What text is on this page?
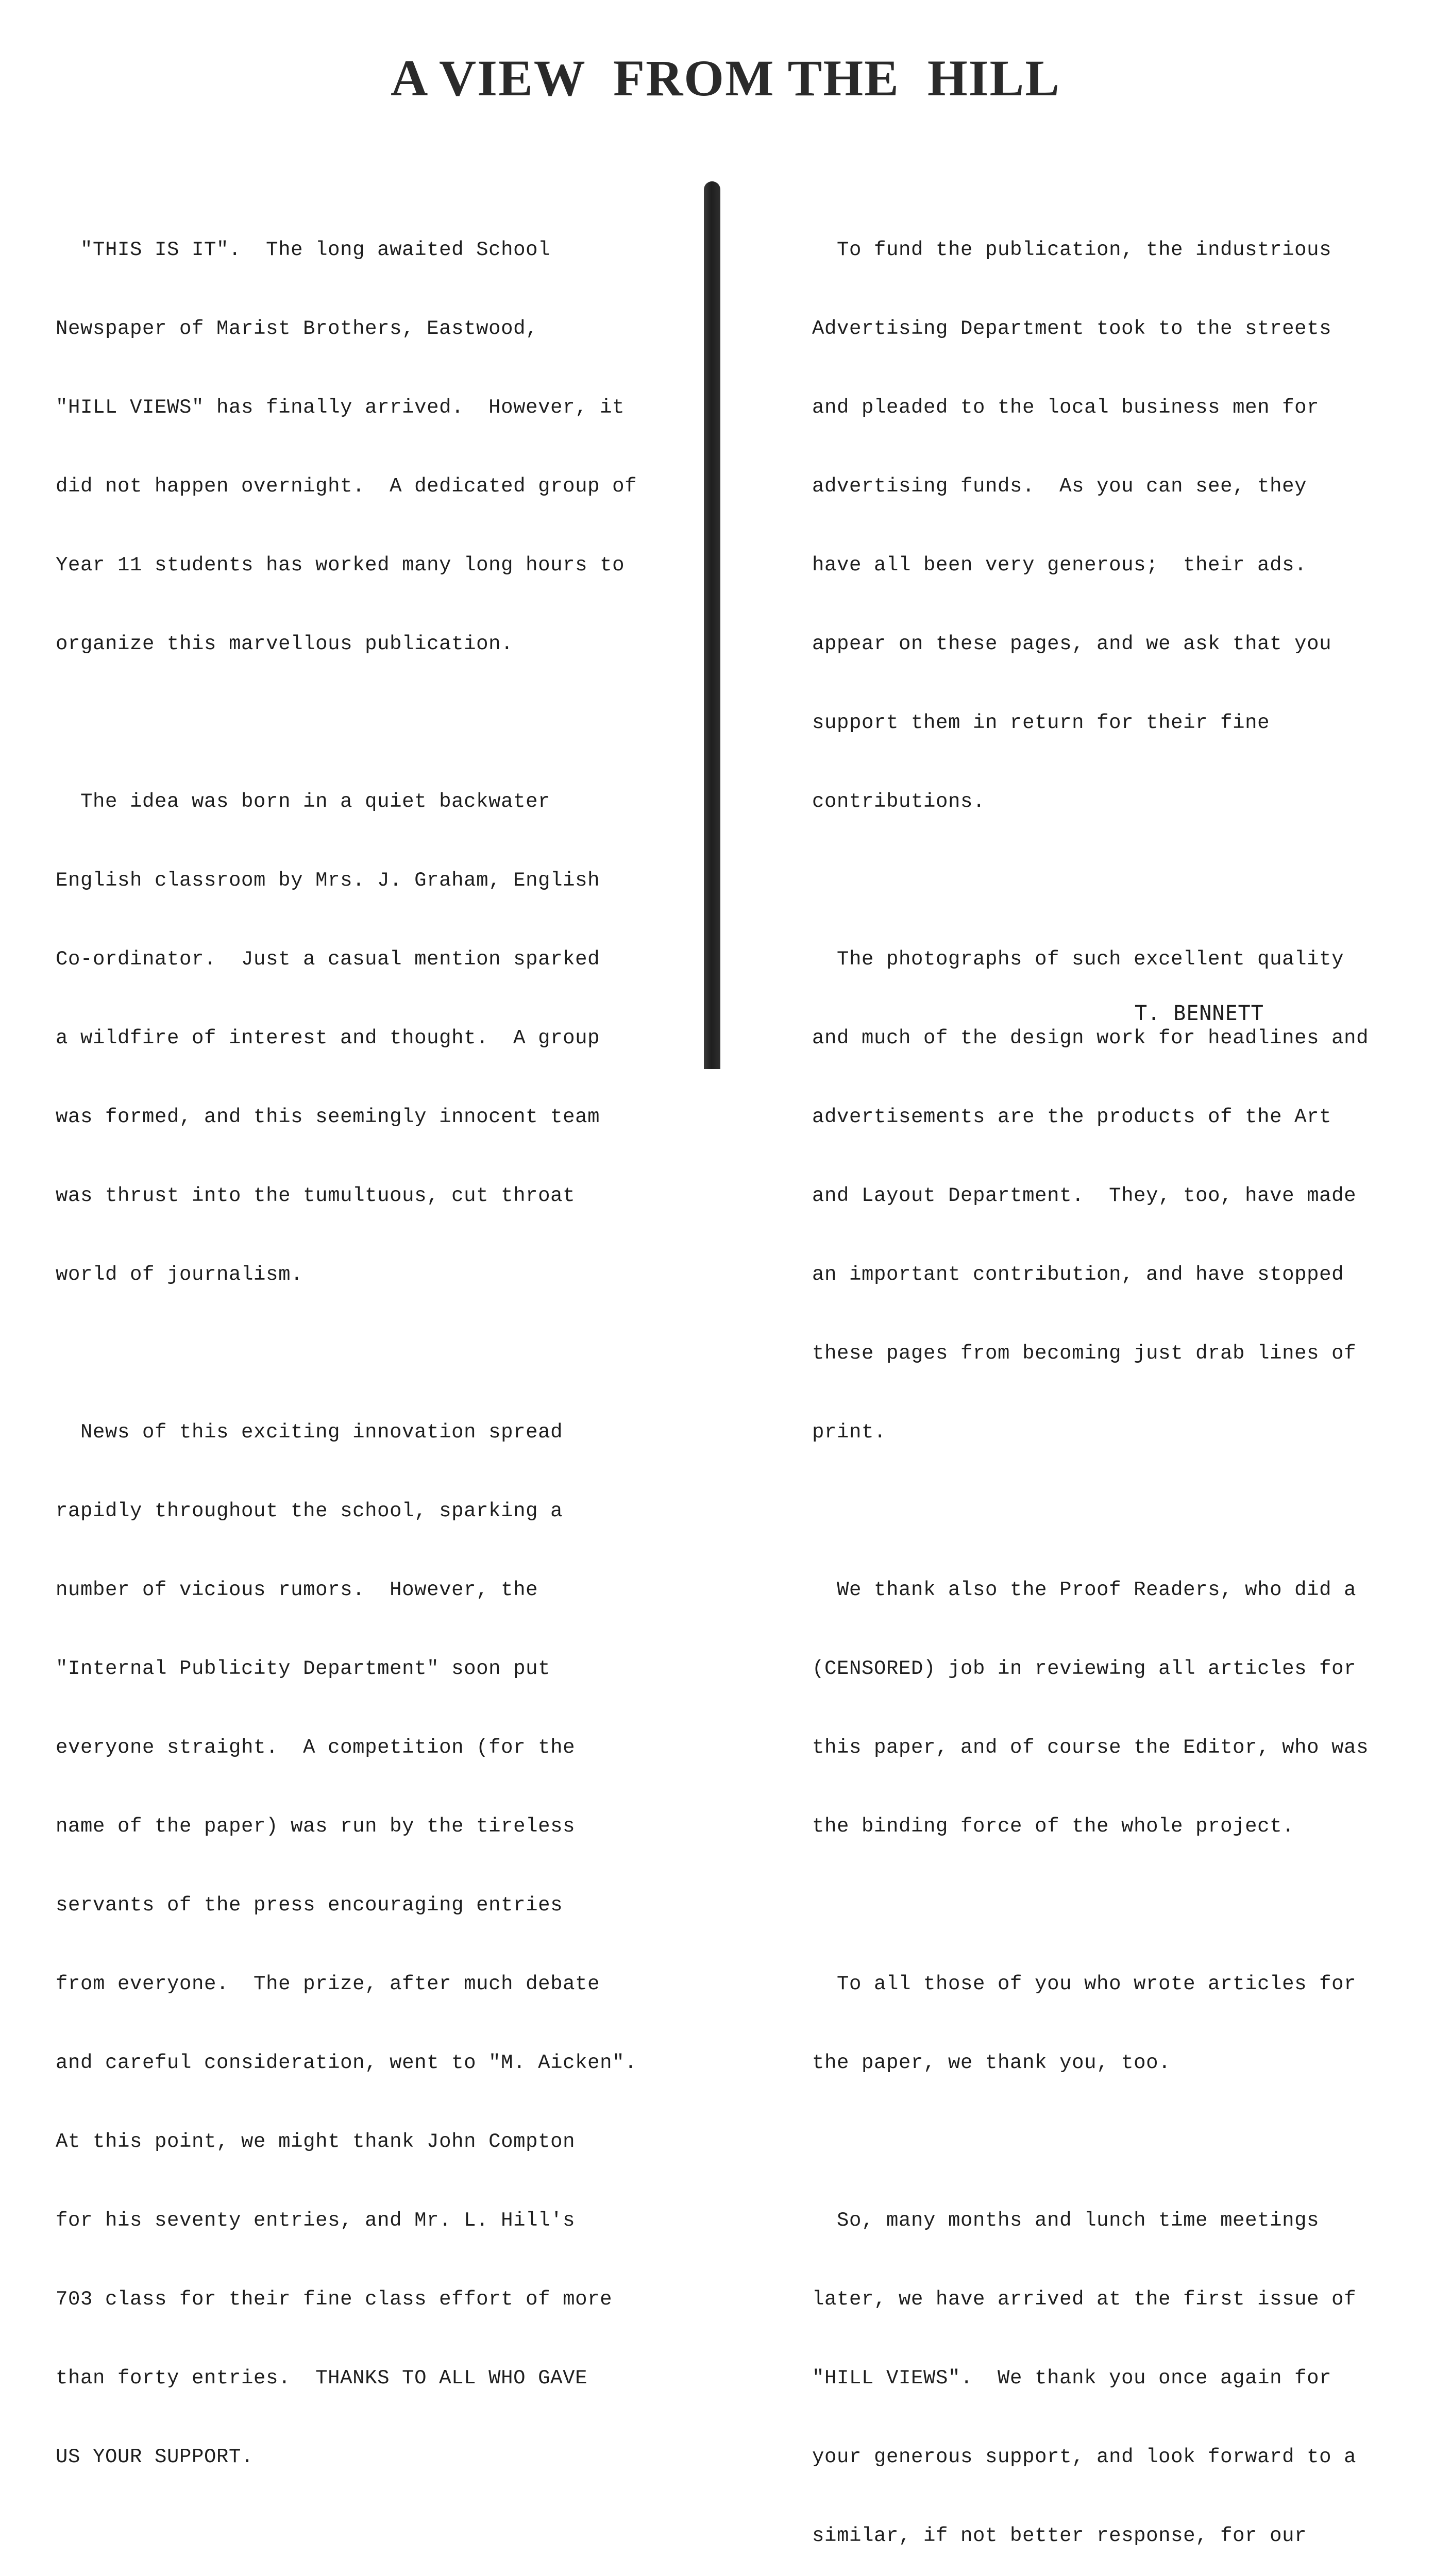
A VIEW  FROM THE  HILL

"THIS IS IT".  The long awaited School

Newspaper of Marist Brothers, Eastwood,

"HILL VIEWS" has finally arrived.  However, it

did not happen overnight.  A dedicated group of

Year 11 students has worked many long hours to

organize this marvellous publication.

The idea was born in a quiet backwater

English classroom by Mrs. J. Graham, English

Co-ordinator.  Just a casual mention sparked

a wildfire of interest and thought.  A group

was formed, and this seemingly innocent team

was thrust into the tumultuous, cut throat

world of journalism.

News of this exciting innovation spread

rapidly throughout the school, sparking a

number of vicious rumors.  However, the

"Internal Publicity Department" soon put

everyone straight.  A competition (for the

name of the paper) was run by the tireless

servants of the press encouraging entries

from everyone.  The prize, after much debate

and careful consideration, went to "M. Aicken".

At this point, we might thank John Compton

for his seventy entries, and Mr. L. Hill's

703 class for their fine class effort of more

than forty entries.  THANKS TO ALL WHO GAVE

US YOUR SUPPORT.

To fund the publication, the industrious

Advertising Department took to the streets

and pleaded to the local business men for

advertising funds.  As you can see, they

have all been very generous;  their ads.

appear on these pages, and we ask that you

support them in return for their fine

contributions.

The photographs of such excellent quality

and much of the design work for headlines and

advertisements are the products of the Art

and Layout Department.  They, too, have made

an important contribution, and have stopped

these pages from becoming just drab lines of

print.

We thank also the Proof Readers, who did a

(CENSORED) job in reviewing all articles for

this paper, and of course the Editor, who was

the binding force of the whole project.

To all those of you who wrote articles for

the paper, we thank you, too.

So, many months and lunch time meetings

later, we have arrived at the first issue of

"HILL VIEWS".  We thank you once again for

your generous support, and look forward to a

similar, if not better response, for our

T. BENNETT
